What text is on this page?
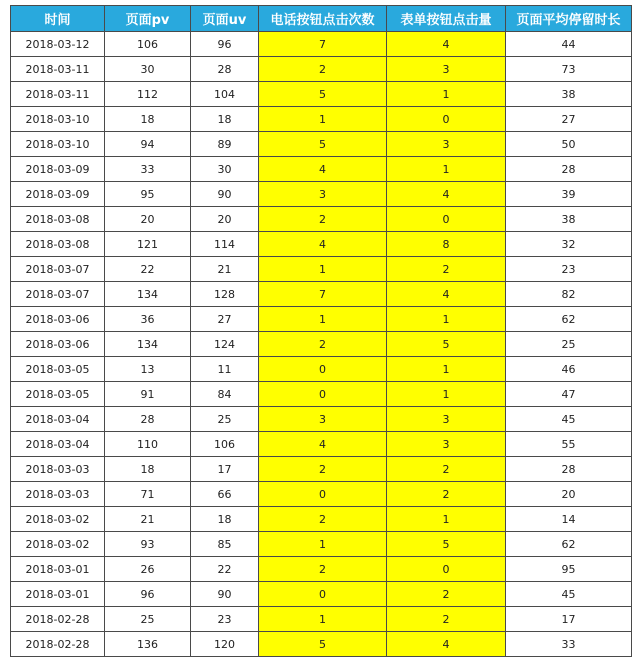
时间	页面pv	页面uv	电话按钮点击次数	表单按钮点击量	页面平均停留时长
2018-03-12	106	96	7	4	44
2018-03-11	30	28	2	3	73
2018-03-11	112	104	5	1	38
2018-03-10	18	18	1	0	27
2018-03-10	94	89	5	3	50
2018-03-09	33	30	4	1	28
2018-03-09	95	90	3	4	39
2018-03-08	20	20	2	0	38
2018-03-08	121	114	4	8	32
2018-03-07	22	21	1	2	23
2018-03-07	134	128	7	4	82
2018-03-06	36	27	1	1	62
2018-03-06	134	124	2	5	25
2018-03-05	13	11	0	1	46
2018-03-05	91	84	0	1	47
2018-03-04	28	25	3	3	45
2018-03-04	110	106	4	3	55
2018-03-03	18	17	2	2	28
2018-03-03	71	66	0	2	20
2018-03-02	21	18	2	1	14
2018-03-02	93	85	1	5	62
2018-03-01	26	22	2	0	95
2018-03-01	96	90	0	2	45
2018-02-28	25	23	1	2	17
2018-02-28	136	120	5	4	33
